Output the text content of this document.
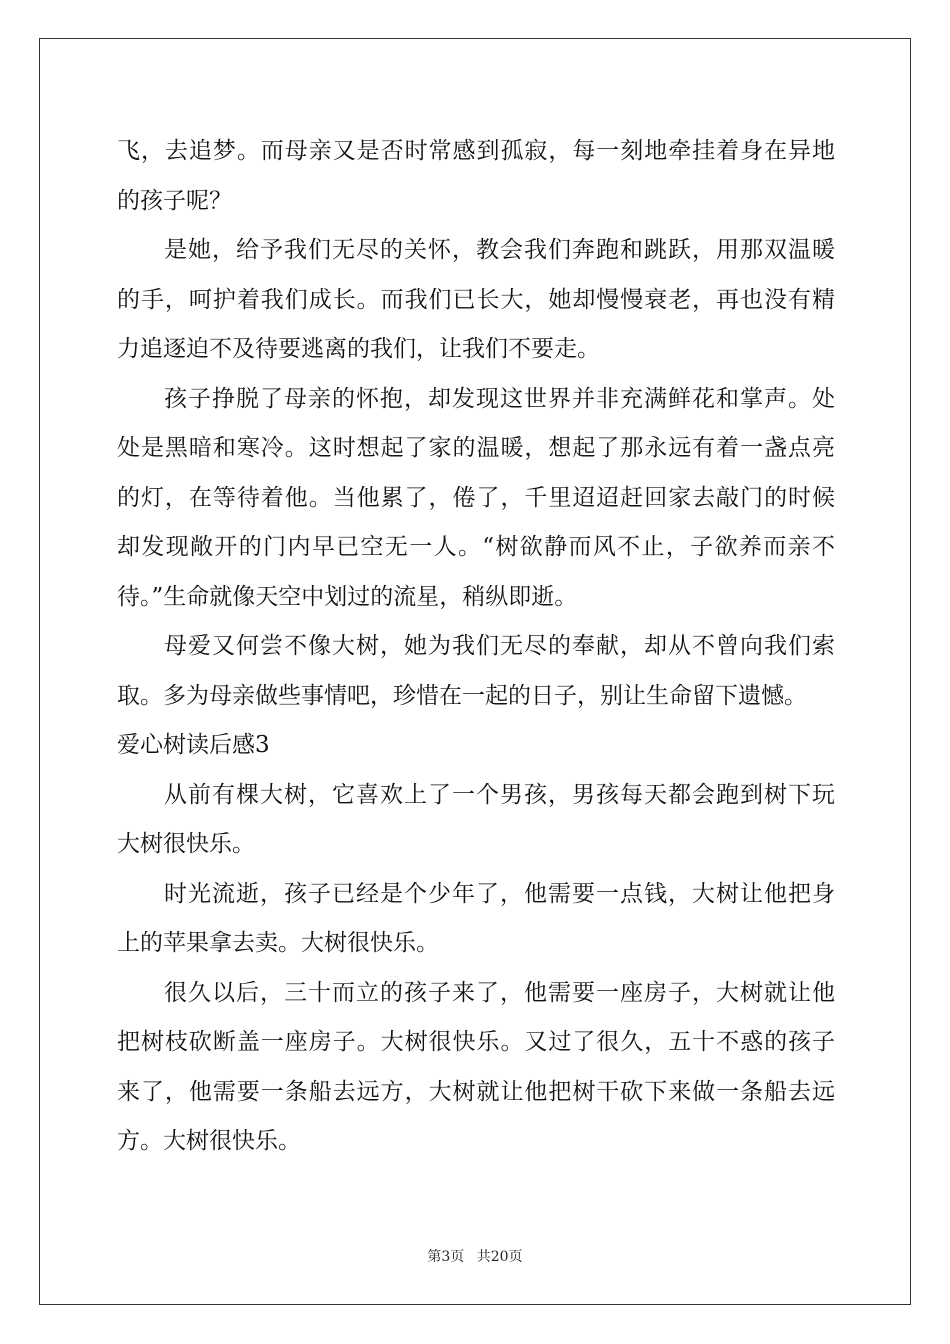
飞，去追梦。而母亲又是否时常感到孤寂，每一刻地牵挂着身在异地
的孩子呢？
是她，给予我们无尽的关怀，教会我们奔跑和跳跃，用那双温暖
的手，呵护着我们成长。而我们已长大，她却慢慢衰老，再也没有精
力追逐迫不及待要逃离的我们，让我们不要走。
孩子挣脱了母亲的怀抱，却发现这世界并非充满鲜花和掌声。处
处是黑暗和寒冷。这时想起了家的温暖，想起了那永远有着一盏点亮
的灯，在等待着他。当他累了，倦了，千里迢迢赶回家去敲门的时候
却发现敞开的门内早已空无一人。“树欲静而风不止，子欲养而亲不
待。”生命就像天空中划过的流星，稍纵即逝。
母爱又何尝不像大树，她为我们无尽的奉献，却从不曾向我们索
取。多为母亲做些事情吧，珍惜在一起的日子，别让生命留下遗憾。
爱心树读后感3
从前有棵大树，它喜欢上了一个男孩，男孩每天都会跑到树下玩
大树很快乐。
时光流逝，孩子已经是个少年了，他需要一点钱，大树让他把身
上的苹果拿去卖。大树很快乐。
很久以后，三十而立的孩子来了，他需要一座房子，大树就让他
把树枝砍断盖一座房子。大树很快乐。又过了很久，五十不惑的孩子
来了，他需要一条船去远方，大树就让他把树干砍下来做一条船去远
方。大树很快乐。
第3页 共20页
